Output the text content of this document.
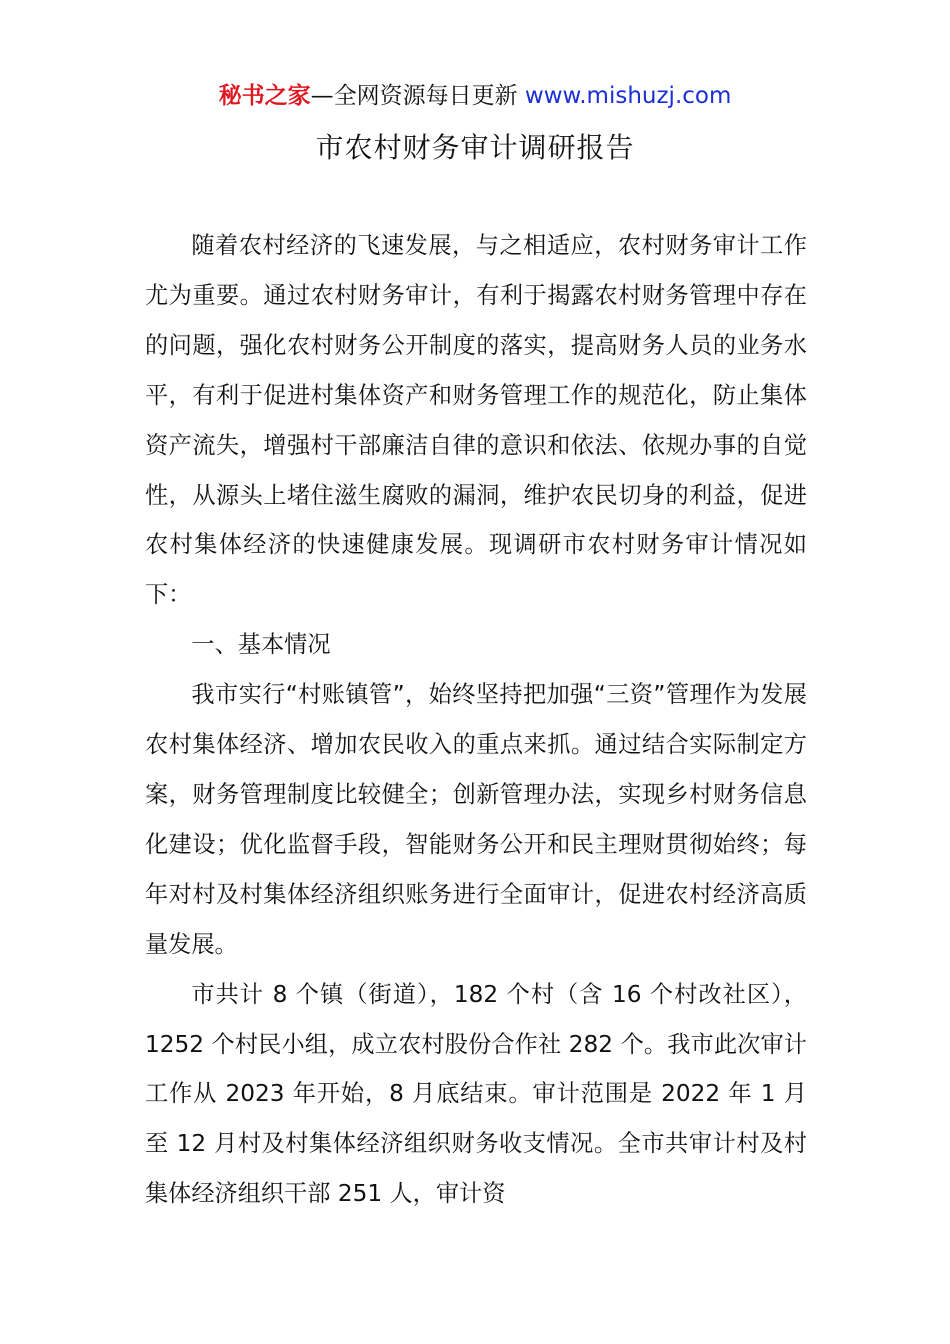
秘书之家—全网资源每日更新 www.mishuzj.com
市农村财务审计调研报告

随着农村经济的飞速发展，与之相适应，农村财务审计工作尤为重要。通过农村财务审计，有利于揭露农村财务管理中存在的问题，强化农村财务公开制度的落实，提高财务人员的业务水平，有利于促进村集体资产和财务管理工作的规范化，防止集体资产流失，增强村干部廉洁自律的意识和依法、依规办事的自觉性，从源头上堵住滋生腐败的漏洞，维护农民切身的利益，促进农村集体经济的快速健康发展。现调研市农村财务审计情况如下：

一、基本情况

我市实行“村账镇管”，始终坚持把加强“三资”管理作为发展农村集体经济、增加农民收入的重点来抓。通过结合实际制定方案，财务管理制度比较健全；创新管理办法，实现乡村财务信息化建设；优化监督手段，智能财务公开和民主理财贯彻始终；每年对村及村集体经济组织账务进行全面审计，促进农村经济高质量发展。

市共计 8 个镇（街道），182 个村（含 16 个村改社区），1252 个村民小组，成立农村股份合作社 282 个。我市此次审计工作从 2023 年开始，8 月底结束。审计范围是 2022 年 1 月至 12 月村及村集体经济组织财务收支情况。全市共审计村及村集体经济组织干部 251 人，审计资
